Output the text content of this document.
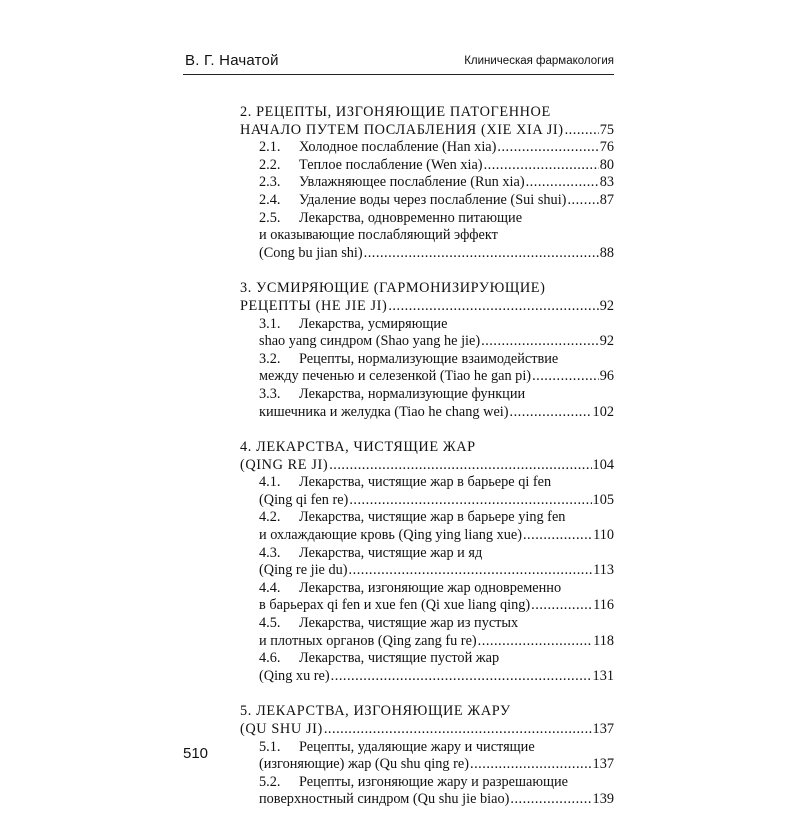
В. Г. Начатой	Клиническая фармакология
2. РЕЦЕПТЫ, ИЗГОНЯЮЩИЕ ПАТОГЕННОЕ
НАЧАЛО ПУТЕМ ПОСЛАБЛЕНИЯ (XIE XIA JI) .....	75
2.1. Холодное послабление (Han xia) .....	76
2.2. Теплое послабление (Wen xia) .....	80
2.3. Увлажняющее послабление (Run xia) .....	83
2.4. Удаление воды через послабление (Sui shui) ..... 87
2.5. Лекарства, одновременно питающие
и оказывающие послабляющий эффект
(Cong bu jian shi) .....	88
3. УСМИРЯЮЩИЕ (ГАРМОНИЗИРУЮЩИЕ)
РЕЦЕПТЫ (HE JIE JI) .....	92
3.1. Лекарства, усмиряющие
shao yang синдром (Shao yang he jie) .....	92
3.2. Рецепты, нормализующие взаимодействие
между печенью и селезенкой (Tiao he gan pi) .....	96
3.3. Лекарства, нормализующие функции
кишечника и желудка (Tiao he chang wei) .....	102
4. ЛЕКАРСТВА, ЧИСТЯЩИЕ ЖАР
(QING RE JI) .....	104
4.1. Лекарства, чистящие жар в барьере qi fen
(Qing qi fen re) .....	105
4.2. Лекарства, чистящие жар в барьере ying fen
и охлаждающие кровь (Qing ying liang xue) .....	110
4.3. Лекарства, чистящие жар и яд
(Qing re jie du) .....	113
4.4. Лекарства, изгоняющие жар одновременно
в барьерах qi fen и xue fen (Qi xue liang qing) .....	116
4.5. Лекарства, чистящие жар из пустых
и плотных органов (Qing zang fu re) .....	118
4.6. Лекарства, чистящие пустой жар
(Qing xu re) .....	131
5. ЛЕКАРСТВА, ИЗГОНЯЮЩИЕ ЖАРУ
(QU SHU JI) .....	137
5.1. Рецепты, удаляющие жару и чистящие
(изгоняющие) жар (Qu shu qing re) .....	137
5.2. Рецепты, изгоняющие жару и разрешающие
поверхностный синдром (Qu shu jie biao) .....	139
510
